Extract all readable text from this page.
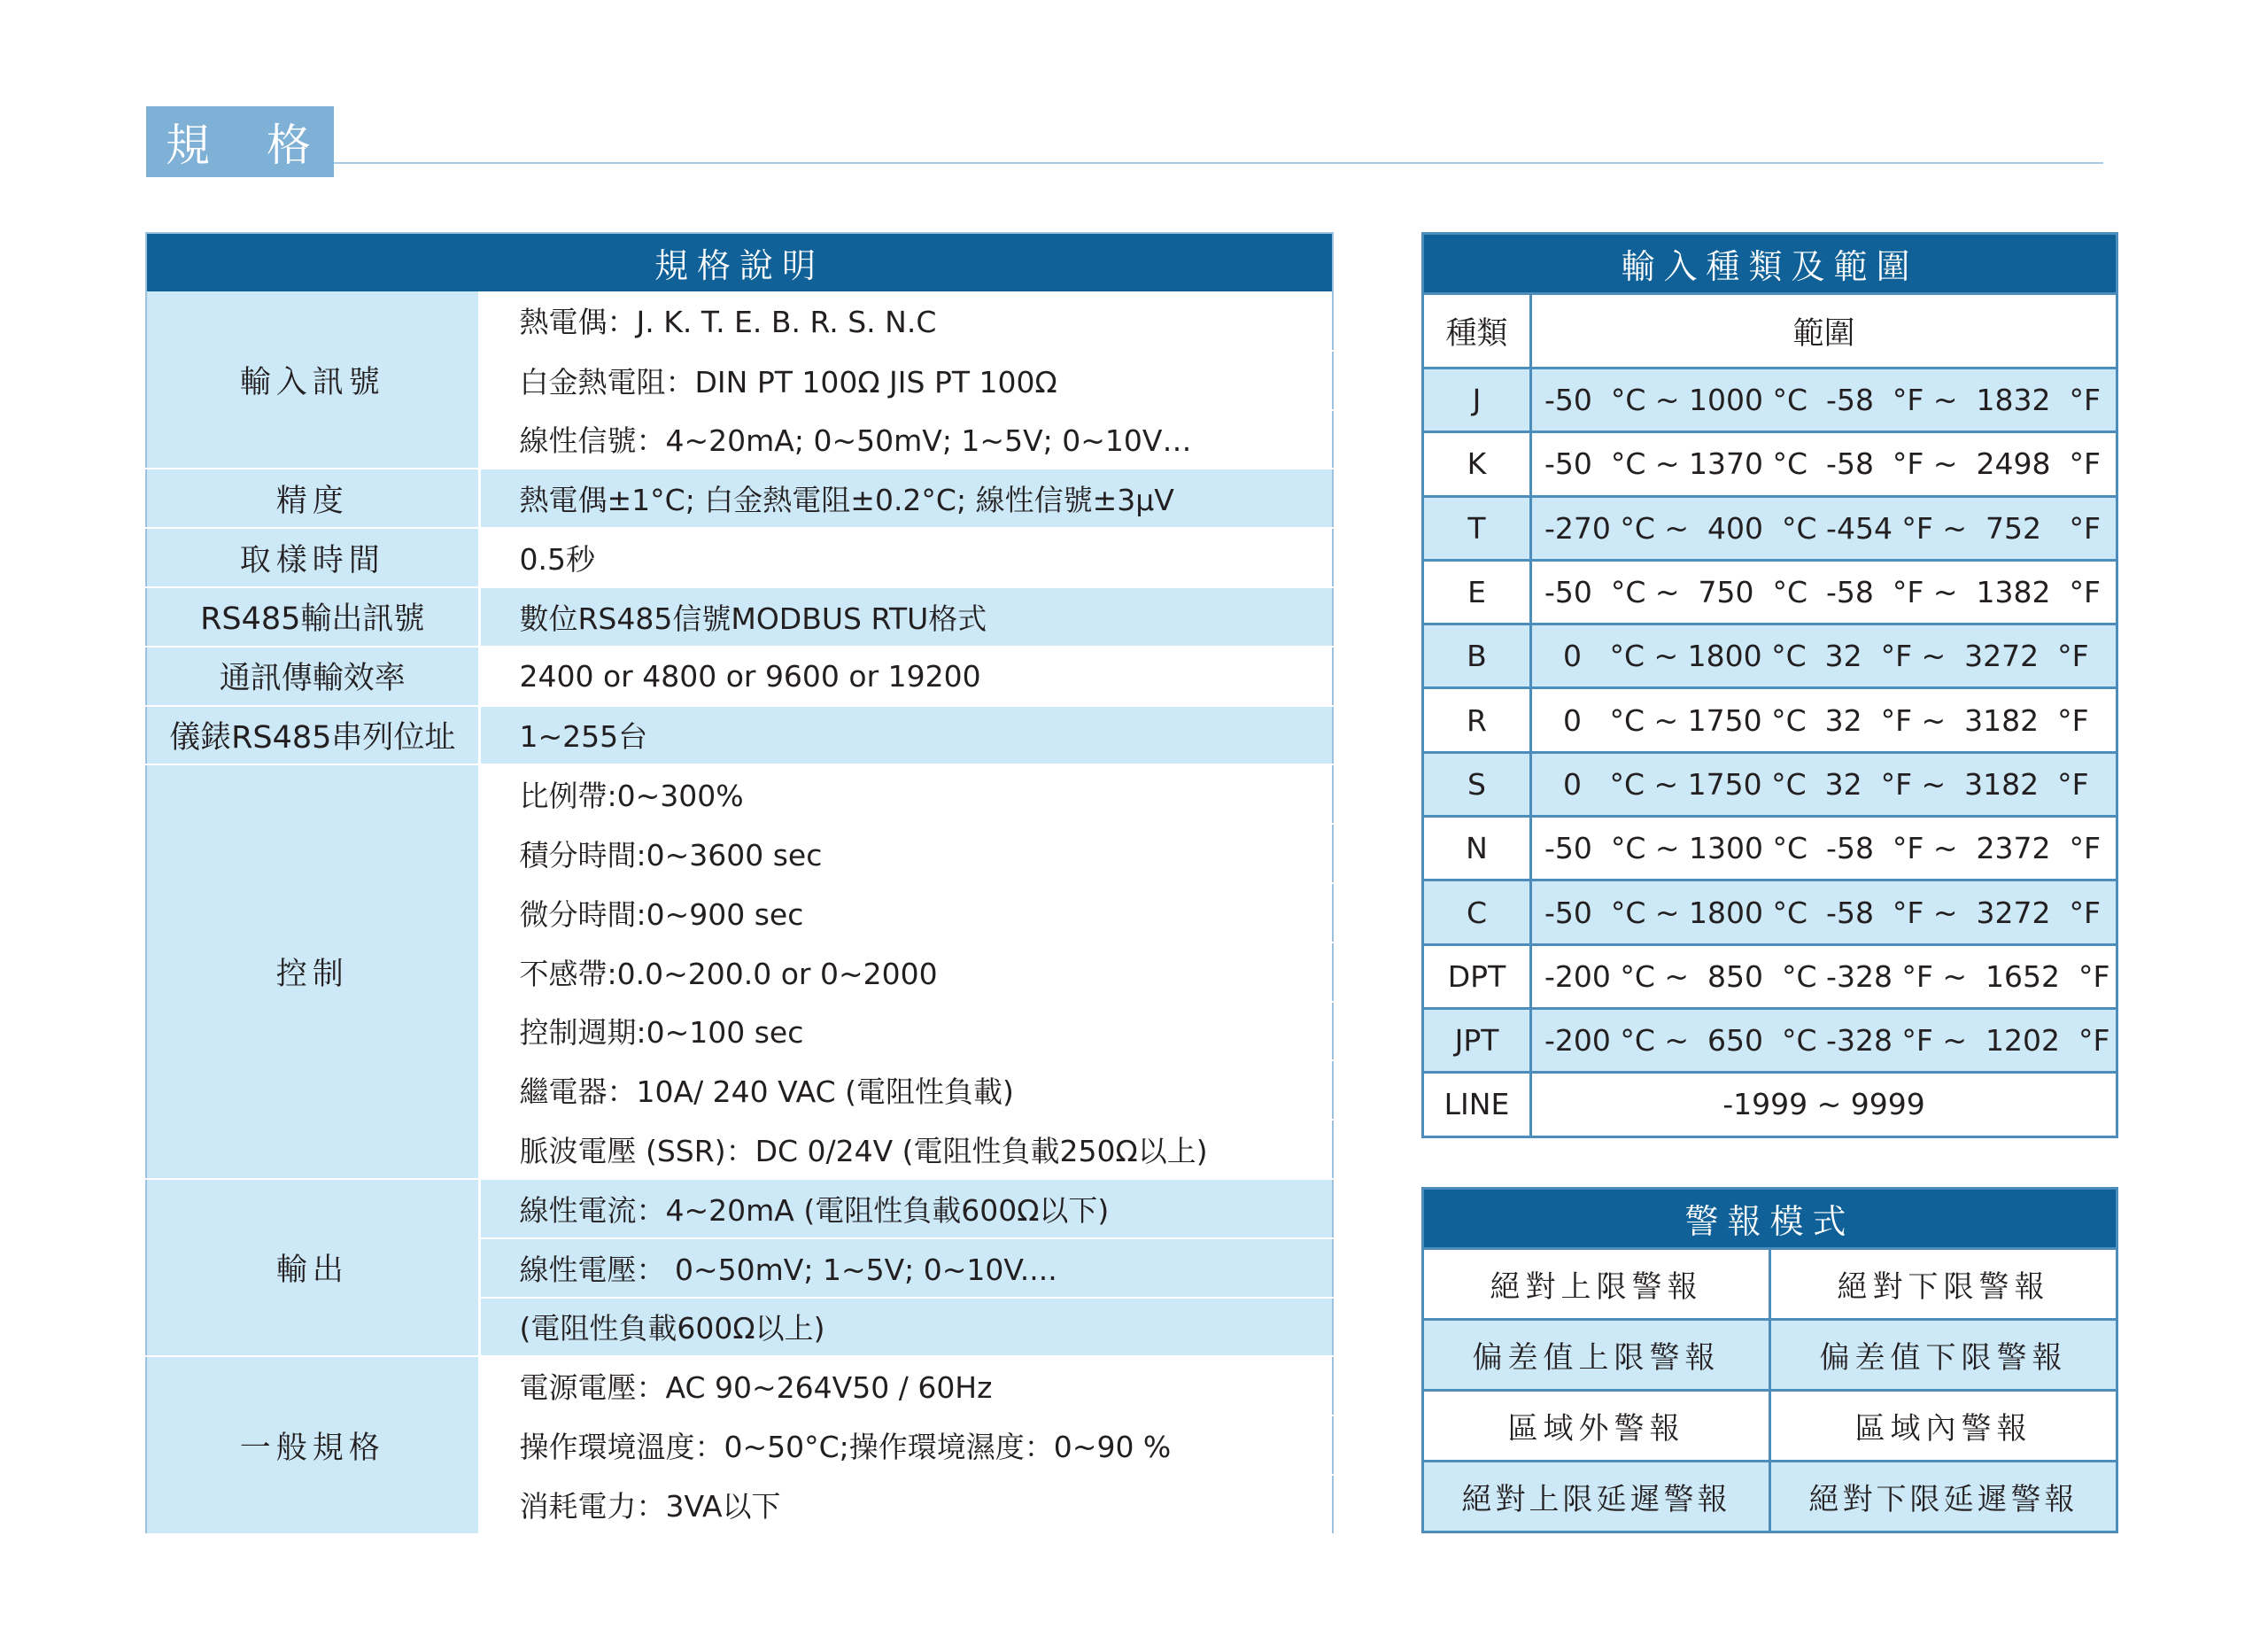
規 格
規格說明	
輸入訊號	熱電偶：J. K. T. E. B. R. S. N.C
	白金熱電阻：DIN PT 100Ω JIS PT 100Ω
	線性信號：4~20mA; 0~50mV; 1~5V; 0~10V…
精度	熱電偶±1°C; 白金熱電阻±0.2°C; 線性信號±3μV
取樣時間	0.5秒
RS485輸出訊號	數位RS485信號MODBUS RTU格式
通訊傳輸效率	2400 or 4800 or 9600 or 19200
儀錶RS485串列位址	1~255台
控制	比例帶:0~300%
	積分時間:0~3600 sec
	微分時間:0~900 sec
	不感帶:0.0~200.0 or 0~2000
	控制週期:0~100 sec
	繼電器：10A/ 240 VAC (電阻性負載)
	脈波電壓 (SSR)：DC 0/24V (電阻性負載250Ω以上)
輸出	線性電流：4~20mA (電阻性負載600Ω以下)
	線性電壓： 0~50mV; 1~5V; 0~10V....
	(電阻性負載600Ω以上)
一般規格	電源電壓：AC 90~264V50 / 60Hz
	操作環境溫度：0~50°C;操作環境濕度：0~90 %
	消耗電力：3VA以下
輸入種類及範圍	
種類	範圍
J	-50  °C ~ 1000 °C  -58  °F ~  1832  °F
K	-50  °C ~ 1370 °C  -58  °F ~  2498  °F
T	-270 °C ~  400  °C -454 °F ~  752   °F
E	-50  °C ~  750  °C  -58  °F ~  1382  °F
B	0   °C ~ 1800 °C  32  °F ~  3272  °F
R	0   °C ~ 1750 °C  32  °F ~  3182  °F
S	0   °C ~ 1750 °C  32  °F ~  3182  °F
N	-50  °C ~ 1300 °C  -58  °F ~  2372  °F
C	-50  °C ~ 1800 °C  -58  °F ~  3272  °F
DPT	-200 °C ~  850  °C -328 °F ~  1652  °F
JPT	-200 °C ~  650  °C -328 °F ~  1202  °F
LINE	-1999 ~ 9999
警報模式	
絕對上限警報	絕對下限警報
偏差值上限警報	偏差值下限警報
區域外警報	區域內警報
絕對上限延遲警報	絕對下限延遲警報
